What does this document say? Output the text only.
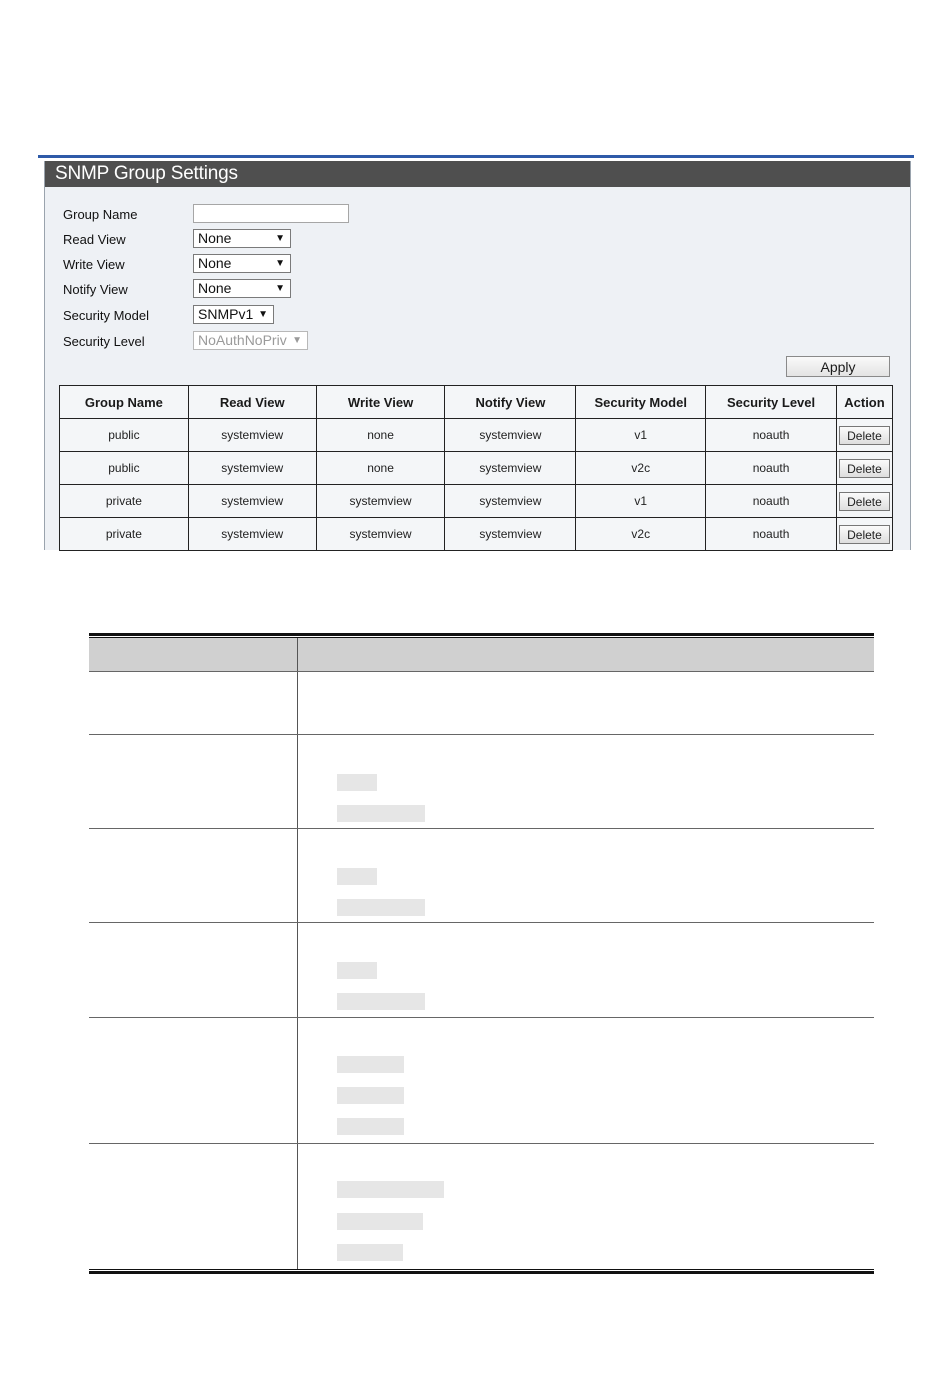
SNMP Group Settings
Group Name
Read View	None	▼
Write View	None	▼
Notify View	None	▼
Security Model	SNMPv1 ▼
Security Level	NoAuthNoPriv ▼
Apply
Group Name	Read View	Write View	Notify View	Security Model	Security Level	Action
public	systemview	none	systemview	v1	noauth	Delete
public	systemview	none	systemview	v2c	noauth	Delete
private	systemview	systemview	systemview	v1	noauth	Delete
private	systemview	systemview	systemview	v2c	noauth	Delete
